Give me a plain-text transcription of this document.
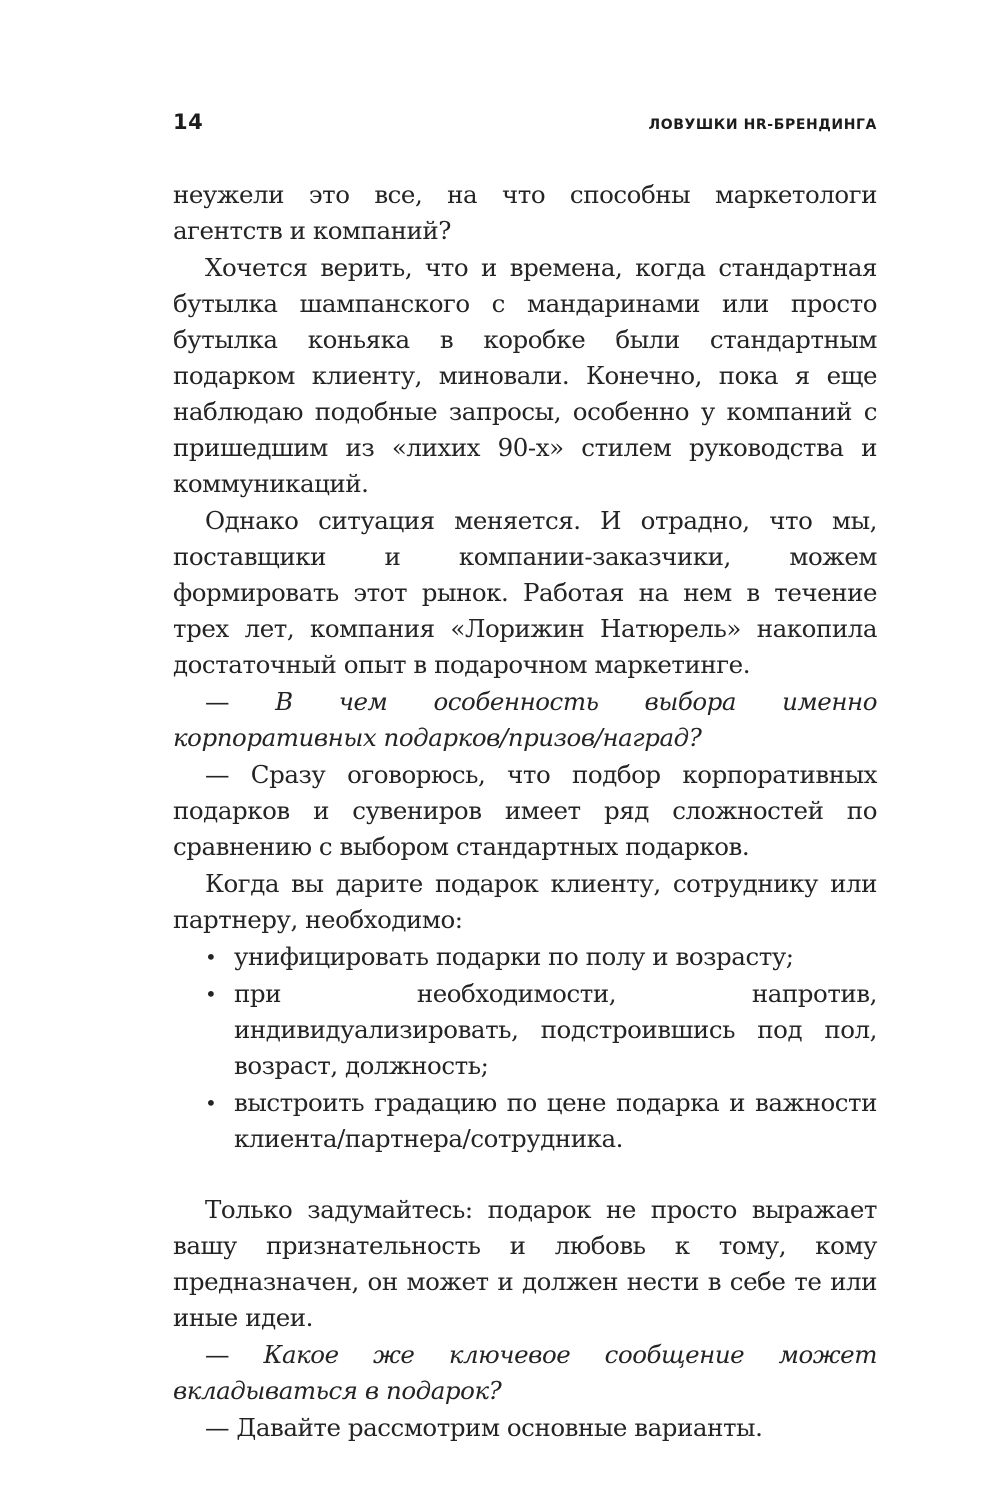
14	ЛОВУШКИ HR-БРЕНДИНГА

неужели это все, на что способны маркетологи агентств и компаний?

Хочется верить, что и времена, когда стандартная бутылка шампанского с мандаринами или просто бутылка коньяка в коробке были стандартным подарком клиенту, миновали. Конечно, пока я еще наблюдаю подобные запросы, особенно у компаний с пришедшим из «лихих 90-х» стилем руководства и коммуникаций.

Однако ситуация меняется. И отрадно, что мы, поставщики и компании-заказчики, можем формировать этот рынок. Работая на нем в течение трех лет, компания «Лорижин Натюрель» накопила достаточный опыт в подарочном маркетинге.

— В чем особенность выбора именно корпоративных подарков/призов/наград?

— Сразу оговорюсь, что подбор корпоративных подарков и сувениров имеет ряд сложностей по сравнению с выбором стандартных подарков.

Когда вы дарите подарок клиенту, сотруднику или партнеру, необходимо:

• унифицировать подарки по полу и возрасту;
• при необходимости, напротив, индивидуализировать, подстроившись под пол, возраст, должность;
• выстроить градацию по цене подарка и важности клиента/партнера/сотрудника.

Только задумайтесь: подарок не просто выражает вашу признательность и любовь к тому, кому предназначен, он может и должен нести в себе те или иные идеи.

— Какое же ключевое сообщение может вкладываться в подарок?

— Давайте рассмотрим основные варианты.
